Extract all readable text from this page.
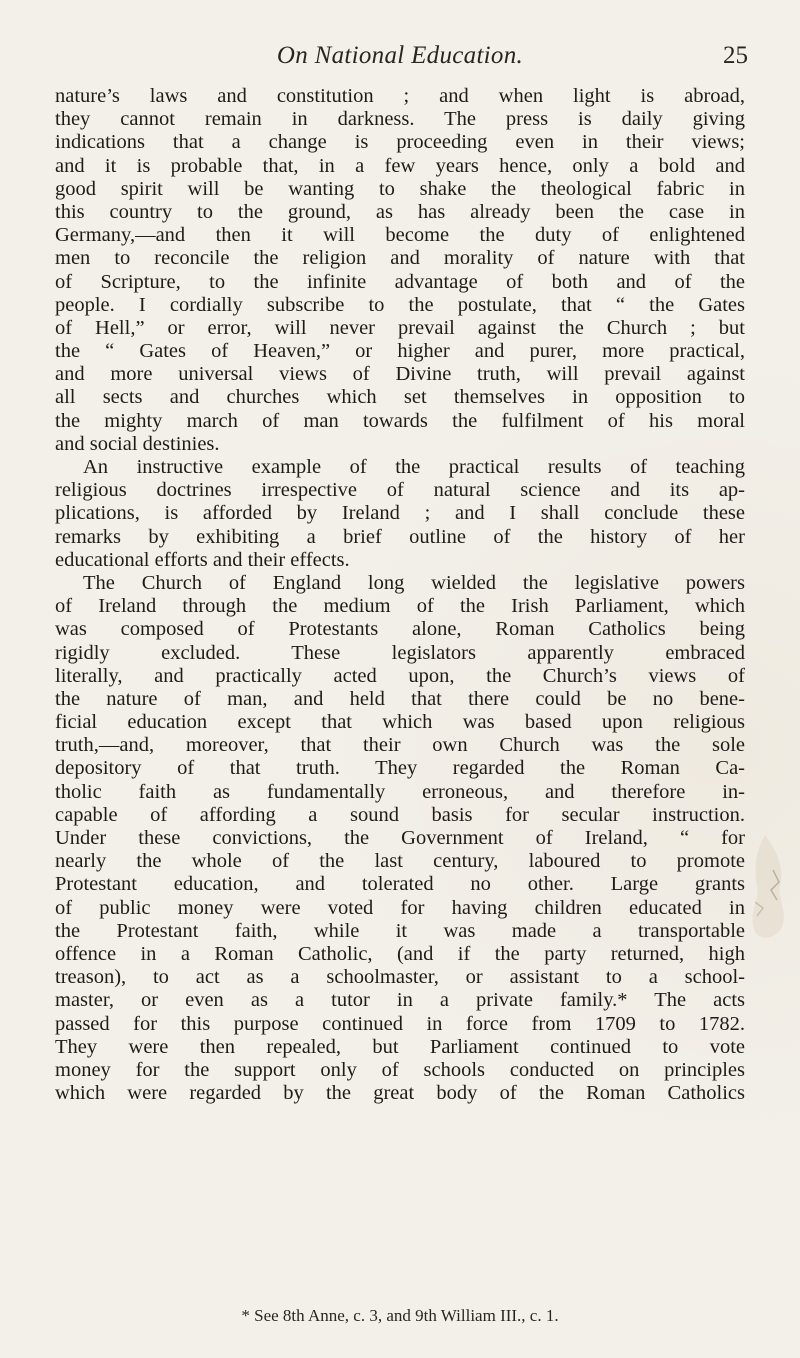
On National Education.	25
nature’s laws and constitution ; and when light is abroad,
they cannot remain in darkness. The press is daily giving
indications that a change is proceeding even in their views;
and it is probable that, in a few years hence, only a bold and
good spirit will be wanting to shake the theological fabric in
this country to the ground, as has already been the case in
Germany,—and then it will become the duty of enlightened
men to reconcile the religion and morality of nature with that
of Scripture, to the infinite advantage of both and of the
people. I cordially subscribe to the postulate, that “ the Gates
of Hell,” or error, will never prevail against the Church ; but
the “ Gates of Heaven,” or higher and purer, more practical,
and more universal views of Divine truth, will prevail against
all sects and churches which set themselves in opposition to
the mighty march of man towards the fulfilment of his moral
and social destinies.
An instructive example of the practical results of teaching
religious doctrines irrespective of natural science and its ap-
plications, is afforded by Ireland ; and I shall conclude these
remarks by exhibiting a brief outline of the history of her
educational efforts and their effects.
The Church of England long wielded the legislative powers
of Ireland through the medium of the Irish Parliament, which
was composed of Protestants alone, Roman Catholics being
rigidly excluded. These legislators apparently embraced
literally, and practically acted upon, the Church’s views of
the nature of man, and held that there could be no bene-
ficial education except that which was based upon religious
truth,—and, moreover, that their own Church was the sole
depository of that truth. They regarded the Roman Ca-
tholic faith as fundamentally erroneous, and therefore in-
capable of affording a sound basis for secular instruction.
Under these convictions, the Government of Ireland, “ for
nearly the whole of the last century, laboured to promote
Protestant education, and tolerated no other. Large grants
of public money were voted for having children educated in
the Protestant faith, while it was made a transportable
offence in a Roman Catholic, (and if the party returned, high
treason), to act as a schoolmaster, or assistant to a school-
master, or even as a tutor in a private family.* The acts
passed for this purpose continued in force from 1709 to 1782.
They were then repealed, but Parliament continued to vote
money for the support only of schools conducted on principles
which were regarded by the great body of the Roman Catholics
* See 8th Anne, c. 3, and 9th William III., c. 1.
